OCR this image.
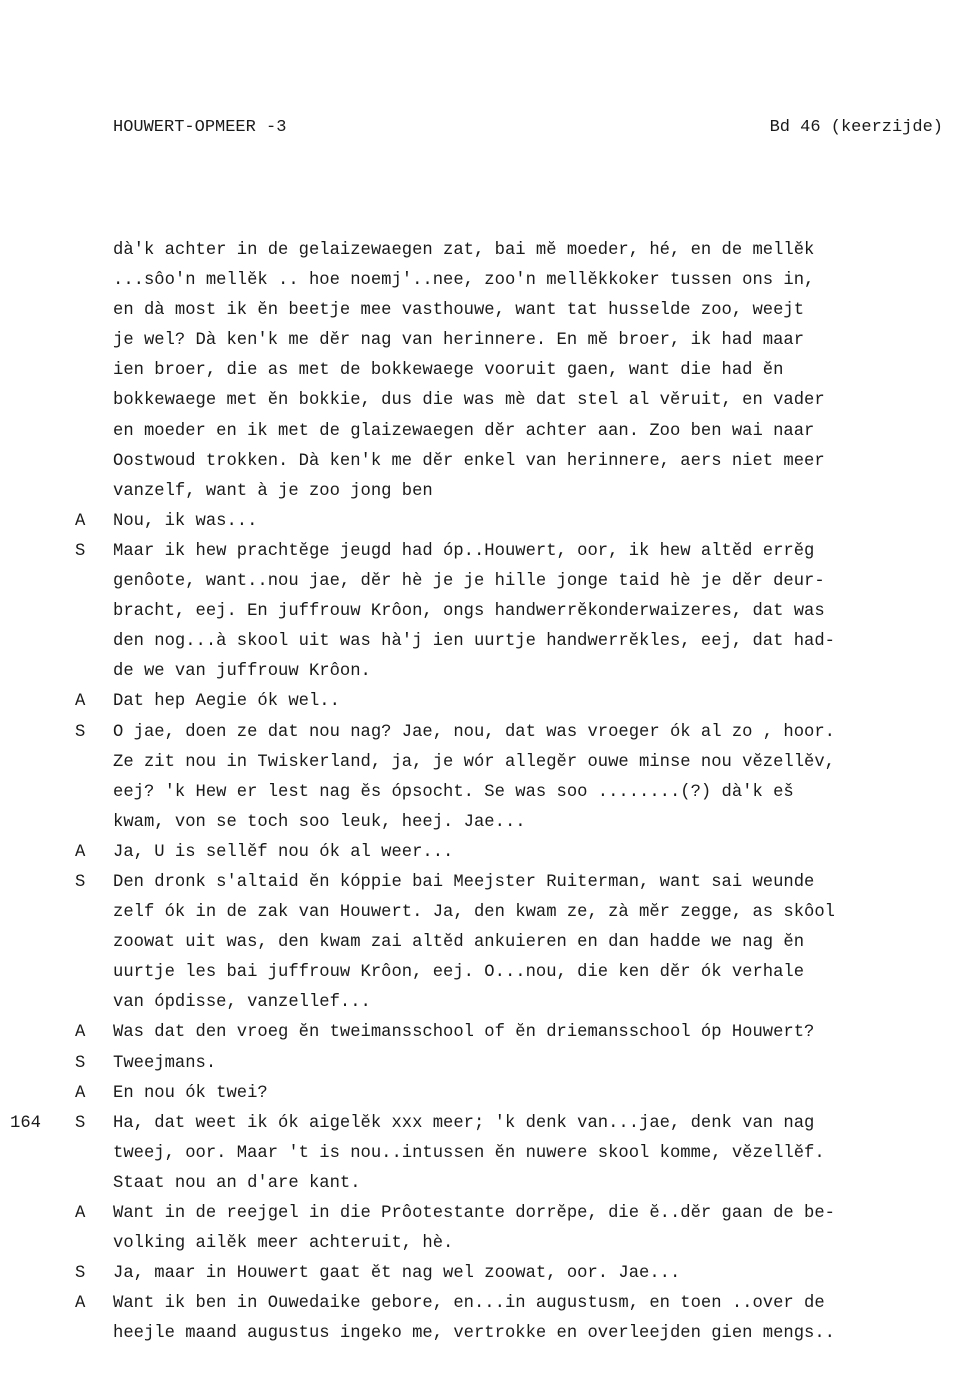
HOUWERT-OPMEER -3	Bd 46 (keerzijde)
dà'k achter in de gelaizewaegen zat, bai mĕ moeder, hé, en de mellĕk
...sôo'n mellĕk .. hoe noemj'..nee, zoo'n mellĕkkoker tussen ons in,
en dà most ik ĕn beetje mee vasthouwe, want tat husselde zoo, weejt
je wel? Dà ken'k me dĕr nag van herinnere. En mĕ broer, ik had maar
ien broer, die as met de bokkewaege vooruit gaen, want die had ĕn
bokkewaege met ĕn bokkie, dus die was mè dat stel al vĕruit, en vader
en moeder en ik met de glaizewaegen dĕr achter aan. Zoo ben wai naar
Oostwoud trokken. Dà ken'k me dĕr enkel van herinnere, aers niet meer
vanzelf, want à je zoo jong ben
A Nou, ik was...
S Maar ik hew prachtĕge jeugd had óp..Houwert, oor, ik hew altĕd errĕg
genôote, want..nou jae, dĕr hè je je hille jonge taid hè je dĕr deur-
bracht, eej. En juffrouw Krôon, ongs handwerrĕkonderwaizeres, dat was
den nog...à skool uit was hà'j ien uurtje handwerrĕkles, eej, dat had-
de we van juffrouw Krôon.
A Dat hep Aegie ók wel..
S O jae, doen ze dat nou nag? Jae, nou, dat was vroeger ók al zo , hoor.
Ze zit nou in Twiskerland, ja, je wór allegĕr ouwe minse nou vĕzellĕv,
eej? 'k Hew er lest nag ĕs ópsocht. Se was soo ........(?) dà'k eš
kwam, von se toch soo leuk, heej. Jae...
A Ja, U is sellĕf nou ók al weer...
S Den dronk s'altaid ĕn kóppie bai Meejster Ruiterman, want sai weunde
zelf ók in de zak van Houwert. Ja, den kwam ze, zà mĕr zegge, as skôol
zoowat uit was, den kwam zai altĕd ankuieren en dan hadde we nag ĕn
uurtje les bai juffrouw Krôon, eej. O...nou, die ken dĕr ók verhale
van ópdisse, vanzellef...
A Was dat den vroeg ĕn tweimansschool of ĕn driemansschool óp Houwert?
S Tweejmans.
A En nou ók twei?
164 S Ha, dat weet ik ók aigelĕk xxx meer; 'k denk van...jae, denk van nag
tweej, oor. Maar 't is nou..intussen ĕn nuwere skool komme, vĕzellĕf.
Staat nou an d'are kant.
A Want in de reejgel in die Prôotestante dorrĕpe, die ĕ..dĕr gaan de be-
volking ailĕk meer achteruit, hè.
S Ja, maar in Houwert gaat ĕt nag wel zoowat, oor. Jae...
A Want ik ben in Ouwedaike gebore, en...in augustusm, en toen ..over de
heejle maand augustus ingeko me, vertrokke en overleejden gien mengs..
